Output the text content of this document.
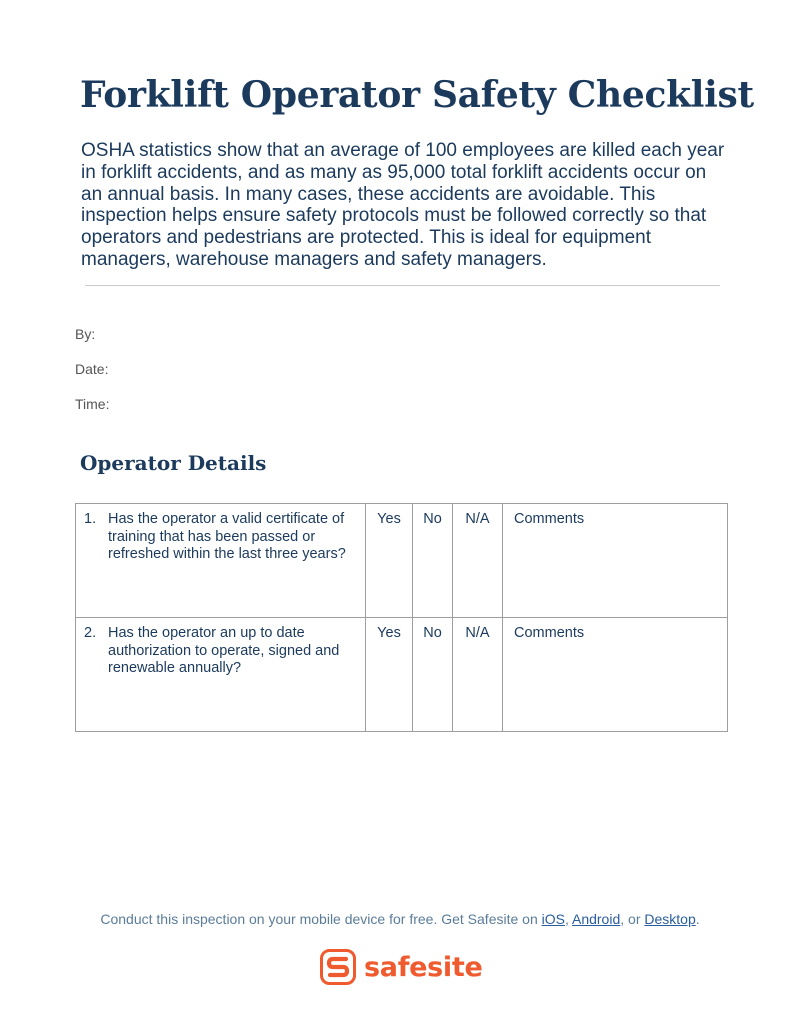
Forklift Operator Safety Checklist
OSHA statistics show that an average of 100 employees are killed each year in forklift accidents, and as many as 95,000 total forklift accidents occur on an annual basis. In many cases, these accidents are avoidable. This inspection helps ensure safety protocols must be followed correctly so that operators and pedestrians are protected. This is ideal for equipment managers, warehouse managers and safety managers.
By:
Date:
Time:
Operator Details
1. Has the operator a valid certificate of training that has been passed or refreshed within the last three years?	Yes	No	N/A	Comments

2. Has the operator an up to date authorization to operate, signed and renewable annually?	Yes	No	N/A	Comments
Conduct this inspection on your mobile device for free. Get Safesite on iOS, Android, or Desktop.
safesite
